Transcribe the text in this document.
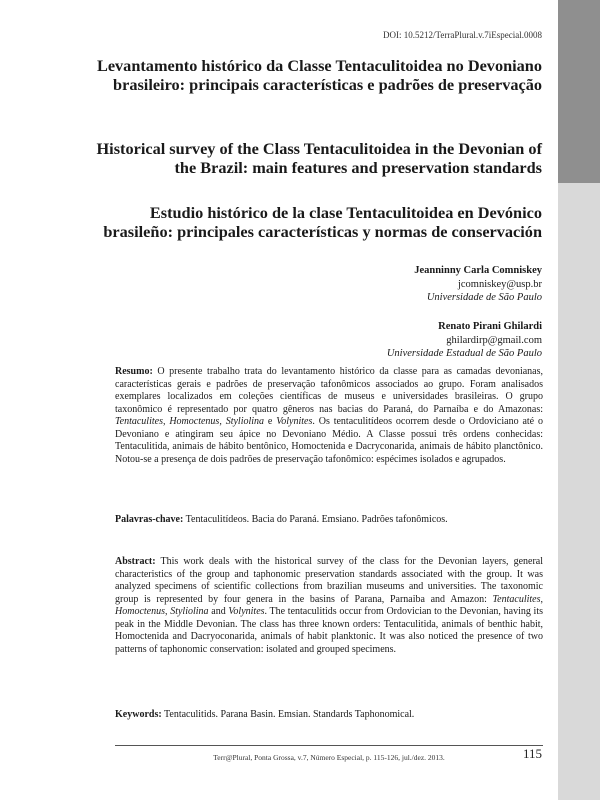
DOI: 10.5212/TerraPlural.v.7iEspecial.0008
Levantamento histórico da Classe Tentaculitoidea no Devoniano brasileiro: principais características e padrões de preservação
Historical survey of the Class Tentaculitoidea in the Devonian of the Brazil: main features and preservation standards
Estudio histórico de la clase Tentaculitoidea en Devónico brasileño: principales características y normas de conservación
Jeanninny Carla Comniskey
jcomniskey@usp.br
Universidade de São Paulo
Renato Pirani Ghilardi
ghilardirp@gmail.com
Universidade Estadual de São Paulo

Resumo: O presente trabalho trata do levantamento histórico da classe para as camadas devonianas, características gerais e padrões de preservação tafonômicos associados ao grupo. Foram analisados exemplares localizados em coleções científicas de museus e universidades brasileiras. O grupo taxonômico é representado por quatro gêneros nas bacias do Paraná, do Parnaíba e do Amazonas: Tentaculites, Homoctenus, Styliolina e Volynites. Os tentaculitídeos ocorrem desde o Ordoviciano até o Devoniano e atingiram seu ápice no Devoniano Médio. A Classe possui três ordens conhecidas: Tentaculitida, animais de hábito bentônico, Homoctenida e Dacryconarida, animais de hábito planctônico. Notou-se a presença de dois padrões de preservação tafonômico: espécimes isolados e agrupados.

Palavras-chave: Tentaculitídeos. Bacia do Paraná. Emsiano. Padrões tafonômicos.

Abstract: This work deals with the historical survey of the class for the Devonian layers, general characteristics of the group and taphonomic preservation standards associated with the group. It was analyzed specimens of scientific collections from brazilian museums and universities. The taxonomic group is represented by four genera in the basins of Parana, Parnaiba and Amazon: Tentaculites, Homoctenus, Styliolina and Volynites. The tentaculitids occur from Ordovician to the Devonian, having its peak in the Middle Devonian. The class has three known orders: Tentaculitida, animals of benthic habit, Homoctenida and Dacryoconarida, animals of habit planktonic. It was also noticed the presence of two patterns of taphonomic conservation: isolated and grouped specimens.

Keywords: Tentaculitids. Parana Basin. Emsian. Standards Taphonomical.

Terr@Plural, Ponta Grossa, v.7, Número Especial, p. 115-126, jul./dez. 2013.	115
